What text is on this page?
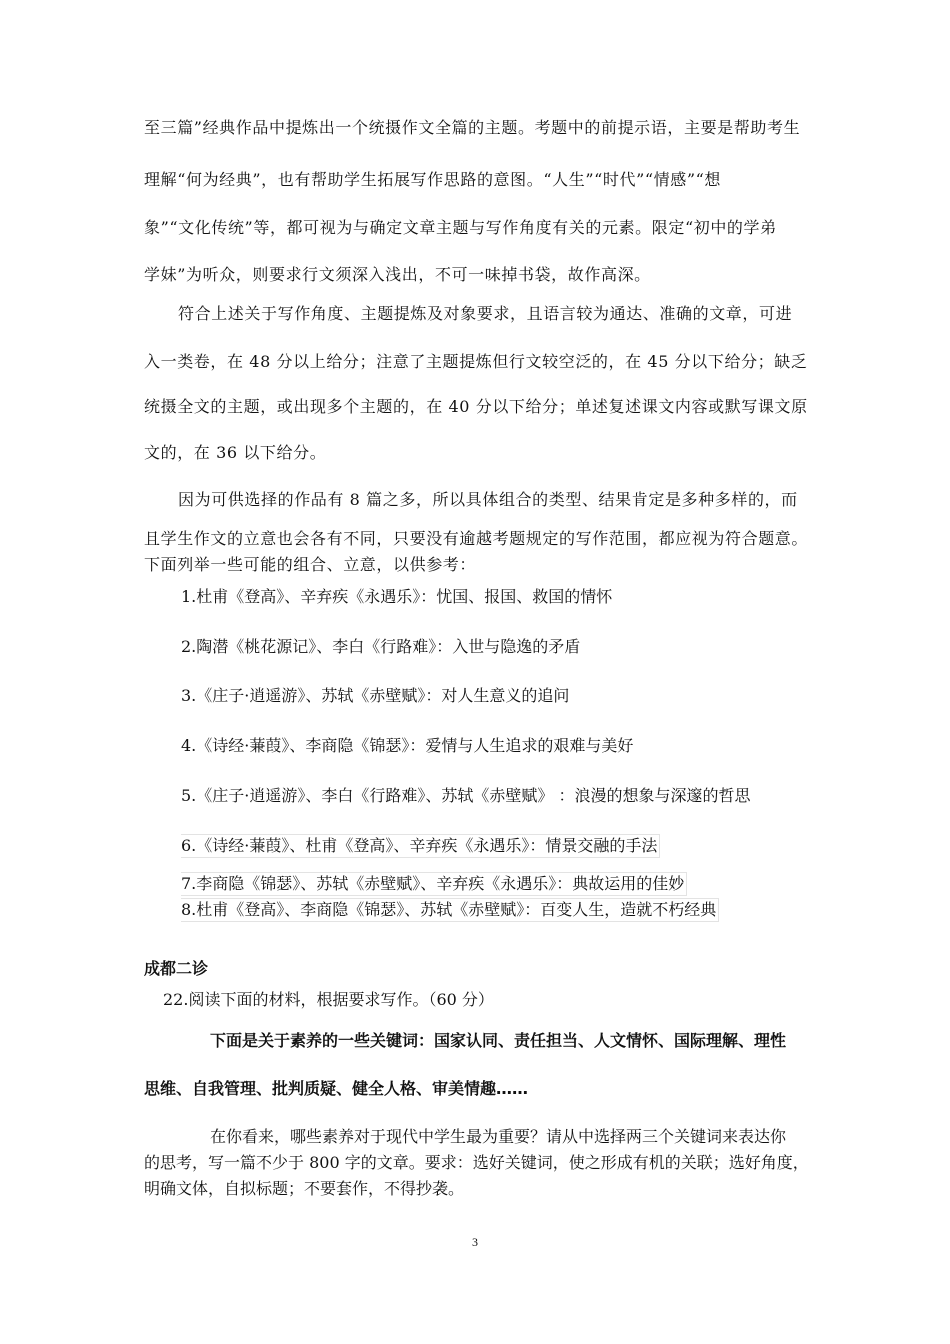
至三篇”经典作品中提炼出一个统摄作文全篇的主题。考题中的前提示语，主要是帮助考生
理解“何为经典”，也有帮助学生拓展写作思路的意图。“人生”“时代”“情感”“想
象”“文化传统”等，都可视为与确定文章主题与写作角度有关的元素。限定“初中的学弟
学妹”为听众，则要求行文须深入浅出，不可一味掉书袋，故作高深。
符合上述关于写作角度、主题提炼及对象要求，且语言较为通达、准确的文章，可进
入一类卷，在 48 分以上给分；注意了主题提炼但行文较空泛的，在 45 分以下给分；缺乏
统摄全文的主题，或出现多个主题的，在 40 分以下给分；单述复述课文内容或默写课文原
文的，在 36 以下给分。
因为可供选择的作品有 8 篇之多，所以具体组合的类型、结果肯定是多种多样的，而
且学生作文的立意也会各有不同，只要没有逾越考题规定的写作范围，都应视为符合题意。
下面列举一些可能的组合、立意，以供参考：
1.杜甫《登高》、辛弃疾《永遇乐》：忧国、报国、救国的情怀
2.陶潜《桃花源记》、李白《行路难》：入世与隐逸的矛盾
3.《庄子·逍遥游》、苏轼《赤壁赋》：对人生意义的追问
4.《诗经·蒹葭》、李商隐《锦瑟》：爱情与人生追求的艰难与美好
5.《庄子·逍遥游》、李白《行路难》、苏轼《赤壁赋》 ：浪漫的想象与深邃的哲思
6.《诗经·蒹葭》、杜甫《登高》、辛弃疾《永遇乐》：情景交融的手法
7.李商隐《锦瑟》、苏轼《赤壁赋》、辛弃疾《永遇乐》：典故运用的佳妙
8.杜甫《登高》、李商隐《锦瑟》、苏轼《赤壁赋》：百变人生，造就不朽经典
成都二诊
22.阅读下面的材料，根据要求写作。（60 分）
下面是关于素养的一些关键词：国家认同、责任担当、人文情怀、国际理解、理性
思维、自我管理、批判质疑、健全人格、审美情趣……
在你看来，哪些素养对于现代中学生最为重要？请从中选择两三个关键词来表达你
的思考，写一篇不少于 800 字的文章。要求：选好关键词，使之形成有机的关联；选好角度，
明确文体，自拟标题；不要套作，不得抄袭。
3
